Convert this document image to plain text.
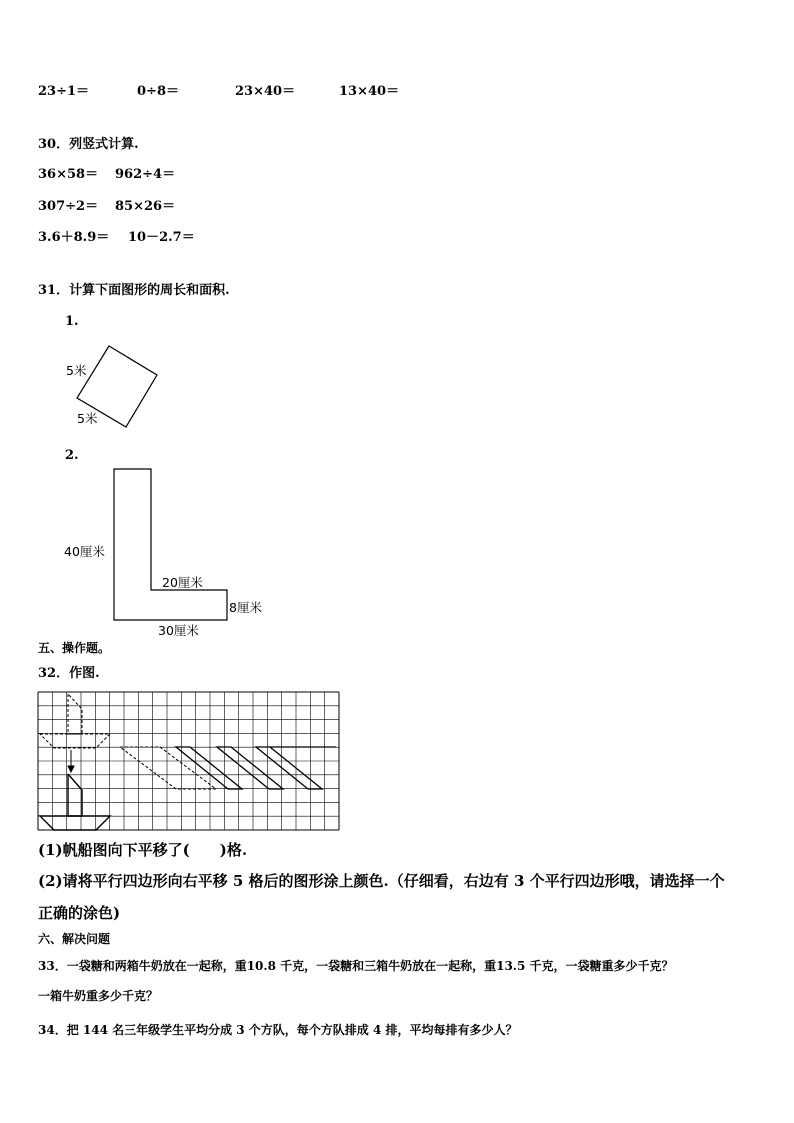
23÷1＝	0÷8＝	23×40＝	13×40＝
30．列竖式计算.
36×58＝ 962÷4＝
307÷2＝ 85×26＝
3.6＋8.9＝ 10－2.7＝
31．计算下面图形的周长和面积.
1.
5米
5米
40厘米
20厘米
8厘米
30厘米
2.
五、操作题。
32．作图.
(1)帆船图向下平移了(　　)格.
(2)请将平行四边形向右平移 5 格后的图形涂上颜色.（仔细看，右边有 3 个平行四边形哦，请选择一个
正确的涂色)
六、解决问题
33．一袋糖和两箱牛奶放在一起称，重10.8 千克，一袋糖和三箱牛奶放在一起称，重13.5 千克，一袋糖重多少千克？
一箱牛奶重多少千克？
34．把 144 名三年级学生平均分成 3 个方队，每个方队排成 4 排，平均每排有多少人？
